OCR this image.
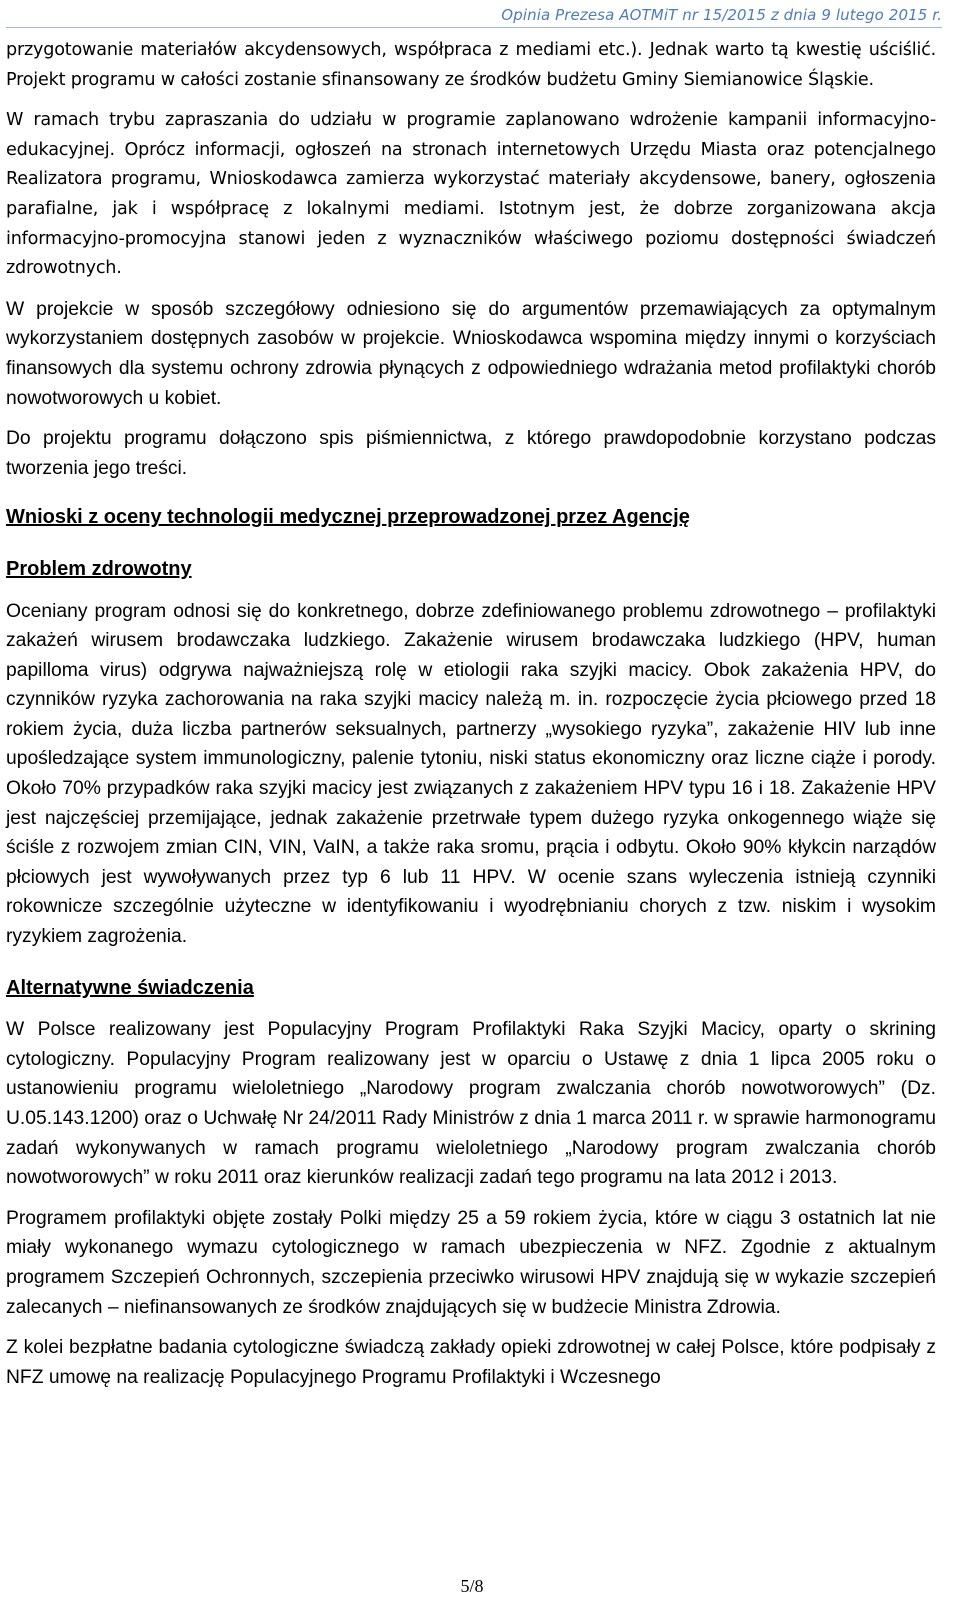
Opinia Prezesa AOTMiT nr 15/2015 z dnia 9 lutego 2015 r.

przygotowanie materiałów akcydensowych, współpraca z mediami etc.). Jednak warto tą kwestię uściślić. Projekt programu w całości zostanie sfinansowany ze środków budżetu Gminy Siemianowice Śląskie.

W ramach trybu zapraszania do udziału w programie zaplanowano wdrożenie kampanii informacyjno-edukacyjnej. Oprócz informacji, ogłoszeń na stronach internetowych Urzędu Miasta oraz potencjalnego Realizatora programu, Wnioskodawca zamierza wykorzystać materiały akcydensowe, banery, ogłoszenia parafialne, jak i współpracę z lokalnymi mediami. Istotnym jest, że dobrze zorganizowana akcja informacyjno-promocyjna stanowi jeden z wyznaczników właściwego poziomu dostępności świadczeń zdrowotnych.

W projekcie w sposób szczegółowy odniesiono się do argumentów przemawiających za optymalnym wykorzystaniem dostępnych zasobów w projekcie. Wnioskodawca wspomina między innymi o korzyściach finansowych dla systemu ochrony zdrowia płynących z odpowiedniego wdrażania metod profilaktyki chorób nowotworowych u kobiet.

Do projektu programu dołączono spis piśmiennictwa, z którego prawdopodobnie korzystano podczas tworzenia jego treści.

Wnioski z oceny technologii medycznej przeprowadzonej przez Agencję
Problem zdrowotny

Oceniany program odnosi się do konkretnego, dobrze zdefiniowanego problemu zdrowotnego – profilaktyki zakażeń wirusem brodawczaka ludzkiego. Zakażenie wirusem brodawczaka ludzkiego (HPV, human papilloma virus) odgrywa najważniejszą rolę w etiologii raka szyjki macicy. Obok zakażenia HPV, do czynników ryzyka zachorowania na raka szyjki macicy należą m. in. rozpoczęcie życia płciowego przed 18 rokiem życia, duża liczba partnerów seksualnych, partnerzy „wysokiego ryzyka”, zakażenie HIV lub inne upośledzające system immunologiczny, palenie tytoniu, niski status ekonomiczny oraz liczne ciąże i porody. Około 70% przypadków raka szyjki macicy jest związanych z zakażeniem HPV typu 16 i 18. Zakażenie HPV jest najczęściej przemijające, jednak zakażenie przetrwałe typem dużego ryzyka onkogennego wiąże się ściśle z rozwojem zmian CIN, VIN, VaIN, a także raka sromu, prącia i odbytu. Około 90% kłykcin narządów płciowych jest wywoływanych przez typ 6 lub 11 HPV. W ocenie szans wyleczenia istnieją czynniki rokownicze szczególnie użyteczne w identyfikowaniu i wyodrębnianiu chorych z tzw. niskim i wysokim ryzykiem zagrożenia.

Alternatywne świadczenia

W Polsce realizowany jest Populacyjny Program Profilaktyki Raka Szyjki Macicy, oparty o skrining cytologiczny. Populacyjny Program realizowany jest w oparciu o Ustawę z dnia 1 lipca 2005 roku o ustanowieniu programu wieloletniego „Narodowy program zwalczania chorób nowotworowych” (Dz. U.05.143.1200) oraz o Uchwałę Nr 24/2011 Rady Ministrów z dnia 1 marca 2011 r. w sprawie harmonogramu zadań wykonywanych w ramach programu wieloletniego „Narodowy program zwalczania chorób nowotworowych” w roku 2011 oraz kierunków realizacji zadań tego programu na lata 2012 i 2013.

Programem profilaktyki objęte zostały Polki między 25 a 59 rokiem życia, które w ciągu 3 ostatnich lat nie miały wykonanego wymazu cytologicznego w ramach ubezpieczenia w NFZ. Zgodnie z aktualnym programem Szczepień Ochronnych, szczepienia przeciwko wirusowi HPV znajdują się w wykazie szczepień zalecanych – niefinansowanych ze środków znajdujących się w budżecie Ministra Zdrowia.

Z kolei bezpłatne badania cytologiczne świadczą zakłady opieki zdrowotnej w całej Polsce, które podpisały z NFZ umowę na realizację Populacyjnego Programu Profilaktyki i Wczesnego

5/8
